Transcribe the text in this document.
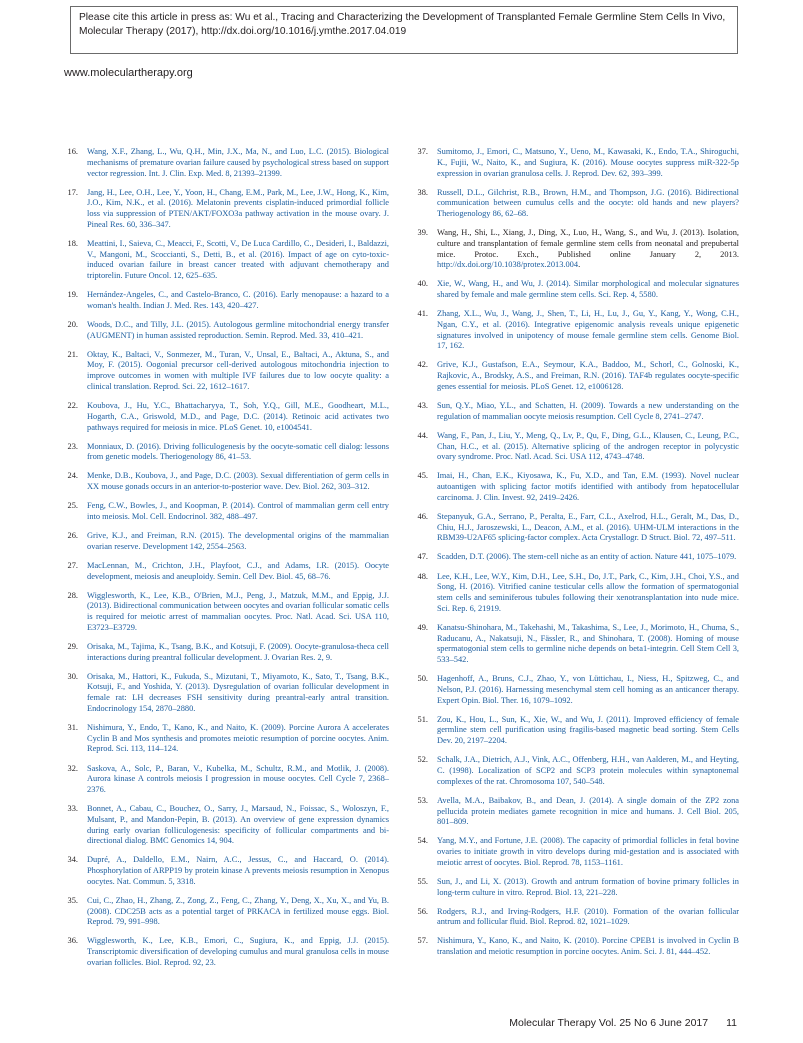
Please cite this article in press as: Wu et al., Tracing and Characterizing the Development of Transplanted Female Germline Stem Cells In Vivo, Molecular Therapy (2017), http://dx.doi.org/10.1016/j.ymthe.2017.04.019
www.moleculartherapy.org
16. Wang, X.F., Zhang, L., Wu, Q.H., Min, J.X., Ma, N., and Luo, L.C. (2015). Biological mechanisms of premature ovarian failure caused by psychological stress based on support vector regression. Int. J. Clin. Exp. Med. 8, 21393–21399.
17. Jang, H., Lee, O.H., Lee, Y., Yoon, H., Chang, E.M., Park, M., Lee, J.W., Hong, K., Kim, J.O., Kim, N.K., et al. (2016). Melatonin prevents cisplatin-induced primordial follicle loss via suppression of PTEN/AKT/FOXO3a pathway activation in the mouse ovary. J. Pineal Res. 60, 336–347.
18. Meattini, I., Saieva, C., Meacci, F., Scotti, V., De Luca Cardillo, C., Desideri, I., Baldazzi, V., Mangoni, M., Scoccianti, S., Detti, B., et al. (2016). Impact of age on cyto-toxic-induced ovarian failure in breast cancer treated with adjuvant chemotherapy and triptorelin. Future Oncol. 12, 625–635.
19. Hernández-Angeles, C., and Castelo-Branco, C. (2016). Early menopause: a hazard to a woman's health. Indian J. Med. Res. 143, 420–427.
20. Woods, D.C., and Tilly, J.L. (2015). Autologous germline mitochondrial energy transfer (AUGMENT) in human assisted reproduction. Semin. Reprod. Med. 33, 410–421.
21. Oktay, K., Baltaci, V., Sonmezer, M., Turan, V., Unsal, E., Baltaci, A., Aktuna, S., and Moy, F. (2015). Oogonial precursor cell-derived autologous mitochondria injection to improve outcomes in women with multiple IVF failures due to low oocyte quality: a clinical translation. Reprod. Sci. 22, 1612–1617.
22. Koubova, J., Hu, Y.C., Bhattacharyya, T., Soh, Y.Q., Gill, M.E., Goodheart, M.L., Hogarth, C.A., Griswold, M.D., and Page, D.C. (2014). Retinoic acid activates two pathways required for meiosis in mice. PLoS Genet. 10, e1004541.
23. Monniaux, D. (2016). Driving folliculogenesis by the oocyte-somatic cell dialog: lessons from genetic models. Theriogenology 86, 41–53.
24. Menke, D.B., Koubova, J., and Page, D.C. (2003). Sexual differentiation of germ cells in XX mouse gonads occurs in an anterior-to-posterior wave. Dev. Biol. 262, 303–312.
25. Feng, C.W., Bowles, J., and Koopman, P. (2014). Control of mammalian germ cell entry into meiosis. Mol. Cell. Endocrinol. 382, 488–497.
26. Grive, K.J., and Freiman, R.N. (2015). The developmental origins of the mammalian ovarian reserve. Development 142, 2554–2563.
27. MacLennan, M., Crichton, J.H., Playfoot, C.J., and Adams, I.R. (2015). Oocyte development, meiosis and aneuploidy. Semin. Cell Dev. Biol. 45, 68–76.
28. Wigglesworth, K., Lee, K.B., O'Brien, M.J., Peng, J., Matzuk, M.M., and Eppig, J.J. (2013). Bidirectional communication between oocytes and ovarian follicular somatic cells is required for meiotic arrest of mammalian oocytes. Proc. Natl. Acad. Sci. USA 110, E3723–E3729.
29. Orisaka, M., Tajima, K., Tsang, B.K., and Kotsuji, F. (2009). Oocyte-granulosa-theca cell interactions during preantral follicular development. J. Ovarian Res. 2, 9.
30. Orisaka, M., Hattori, K., Fukuda, S., Mizutani, T., Miyamoto, K., Sato, T., Tsang, B.K., Kotsuji, F., and Yoshida, Y. (2013). Dysregulation of ovarian follicular development in female rat: LH decreases FSH sensitivity during preantral-early antral transition. Endocrinology 154, 2870–2880.
31. Nishimura, Y., Endo, T., Kano, K., and Naito, K. (2009). Porcine Aurora A accelerates Cyclin B and Mos synthesis and promotes meiotic resumption of porcine oocytes. Anim. Reprod. Sci. 113, 114–124.
32. Saskova, A., Solc, P., Baran, V., Kubelka, M., Schultz, R.M., and Motlik, J. (2008). Aurora kinase A controls meiosis I progression in mouse oocytes. Cell Cycle 7, 2368–2376.
33. Bonnet, A., Cabau, C., Bouchez, O., Sarry, J., Marsaud, N., Foissac, S., Woloszyn, F., Mulsant, P., and Mandon-Pepin, B. (2013). An overview of gene expression dynamics during early ovarian folliculogenesis: specificity of follicular compartments and bi-directional dialog. BMC Genomics 14, 904.
34. Dupré, A., Daldello, E.M., Nairn, A.C., Jessus, C., and Haccard, O. (2014). Phosphorylation of ARPP19 by protein kinase A prevents meiosis resumption in Xenopus oocytes. Nat. Commun. 5, 3318.
35. Cui, C., Zhao, H., Zhang, Z., Zong, Z., Feng, C., Zhang, Y., Deng, X., Xu, X., and Yu, B. (2008). CDC25B acts as a potential target of PRKACA in fertilized mouse eggs. Biol. Reprod. 79, 991–998.
36. Wigglesworth, K., Lee, K.B., Emori, C., Sugiura, K., and Eppig, J.J. (2015). Transcriptomic diversification of developing cumulus and mural granulosa cells in mouse ovarian follicles. Biol. Reprod. 92, 23.
37. Sumitomo, J., Emori, C., Matsuno, Y., Ueno, M., Kawasaki, K., Endo, T.A., Shiroguchi, K., Fujii, W., Naito, K., and Sugiura, K. (2016). Mouse oocytes suppress miR-322-5p expression in ovarian granulosa cells. J. Reprod. Dev. 62, 393–399.
38. Russell, D.L., Gilchrist, R.B., Brown, H.M., and Thompson, J.G. (2016). Bidirectional communication between cumulus cells and the oocyte: old hands and new players? Theriogenology 86, 62–68.
39. Wang, H., Shi, L., Xiang, J., Ding, X., Luo, H., Wang, S., and Wu, J. (2013). Isolation, culture and transplantation of female germline stem cells from neonatal and prepubertal mice. Protoc. Exch., Published online January 2, 2013. http://dx.doi.org/10.1038/protex.2013.004.
40. Xie, W., Wang, H., and Wu, J. (2014). Similar morphological and molecular signatures shared by female and male germline stem cells. Sci. Rep. 4, 5580.
41. Zhang, X.L., Wu, J., Wang, J., Shen, T., Li, H., Lu, J., Gu, Y., Kang, Y., Wong, C.H., Ngan, C.Y., et al. (2016). Integrative epigenomic analysis reveals unique epigenetic signatures involved in unipotency of mouse female germline stem cells. Genome Biol. 17, 162.
42. Grive, K.J., Gustafson, E.A., Seymour, K.A., Baddoo, M., Schorl, C., Golnoski, K., Rajkovic, A., Brodsky, A.S., and Freiman, R.N. (2016). TAF4b regulates oocyte-specific genes essential for meiosis. PLoS Genet. 12, e1006128.
43. Sun, Q.Y., Miao, Y.L., and Schatten, H. (2009). Towards a new understanding on the regulation of mammalian oocyte meiosis resumption. Cell Cycle 8, 2741–2747.
44. Wang, F., Pan, J., Liu, Y., Meng, Q., Lv, P., Qu, F., Ding, G.L., Klausen, C., Leung, P.C., Chan, H.C., et al. (2015). Alternative splicing of the androgen receptor in polycystic ovary syndrome. Proc. Natl. Acad. Sci. USA 112, 4743–4748.
45. Imai, H., Chan, E.K., Kiyosawa, K., Fu, X.D., and Tan, E.M. (1993). Novel nuclear autoantigen with splicing factor motifs identified with antibody from hepatocellular carcinoma. J. Clin. Invest. 92, 2419–2426.
46. Stepanyuk, G.A., Serrano, P., Peralta, E., Farr, C.L., Axelrod, H.L., Geralt, M., Das, D., Chiu, H.J., Jaroszewski, L., Deacon, A.M., et al. (2016). UHM-ULM interactions in the RBM39-U2AF65 splicing-factor complex. Acta Crystallogr. D Struct. Biol. 72, 497–511.
47. Scadden, D.T. (2006). The stem-cell niche as an entity of action. Nature 441, 1075–1079.
48. Lee, K.H., Lee, W.Y., Kim, D.H., Lee, S.H., Do, J.T., Park, C., Kim, J.H., Choi, Y.S., and Song, H. (2016). Vitrified canine testicular cells allow the formation of spermatogonial stem cells and seminiferous tubules following their xenotransplantation into nude mice. Sci. Rep. 6, 21919.
49. Kanatsu-Shinohara, M., Takehashi, M., Takashima, S., Lee, J., Morimoto, H., Chuma, S., Raducanu, A., Nakatsuji, N., Fässler, R., and Shinohara, T. (2008). Homing of mouse spermatogonial stem cells to germline niche depends on beta1-integrin. Cell Stem Cell 3, 533–542.
50. Hagenhoff, A., Bruns, C.J., Zhao, Y., von Lüttichau, I., Niess, H., Spitzweg, C., and Nelson, P.J. (2016). Harnessing mesenchymal stem cell homing as an anticancer therapy. Expert Opin. Biol. Ther. 16, 1079–1092.
51. Zou, K., Hou, L., Sun, K., Xie, W., and Wu, J. (2011). Improved efficiency of female germline stem cell purification using fragilis-based magnetic bead sorting. Stem Cells Dev. 20, 2197–2204.
52. Schalk, J.A., Dietrich, A.J., Vink, A.C., Offenberg, H.H., van Aalderen, M., and Heyting, C. (1998). Localization of SCP2 and SCP3 protein molecules within synaptonemal complexes of the rat. Chromosoma 107, 540–548.
53. Avella, M.A., Baibakov, B., and Dean, J. (2014). A single domain of the ZP2 zona pellucida protein mediates gamete recognition in mice and humans. J. Cell Biol. 205, 801–809.
54. Yang, M.Y., and Fortune, J.E. (2008). The capacity of primordial follicles in fetal bovine ovaries to initiate growth in vitro develops during mid-gestation and is associated with meiotic arrest of oocytes. Biol. Reprod. 78, 1153–1161.
55. Sun, J., and Li, X. (2013). Growth and antrum formation of bovine primary follicles in long-term culture in vitro. Reprod. Biol. 13, 221–228.
56. Rodgers, R.J., and Irving-Rodgers, H.F. (2010). Formation of the ovarian follicular antrum and follicular fluid. Biol. Reprod. 82, 1021–1029.
57. Nishimura, Y., Kano, K., and Naito, K. (2010). Porcine CPEB1 is involved in Cyclin B translation and meiotic resumption in porcine oocytes. Anim. Sci. J. 81, 444–452.
Molecular Therapy Vol. 25 No 6 June 2017 11
